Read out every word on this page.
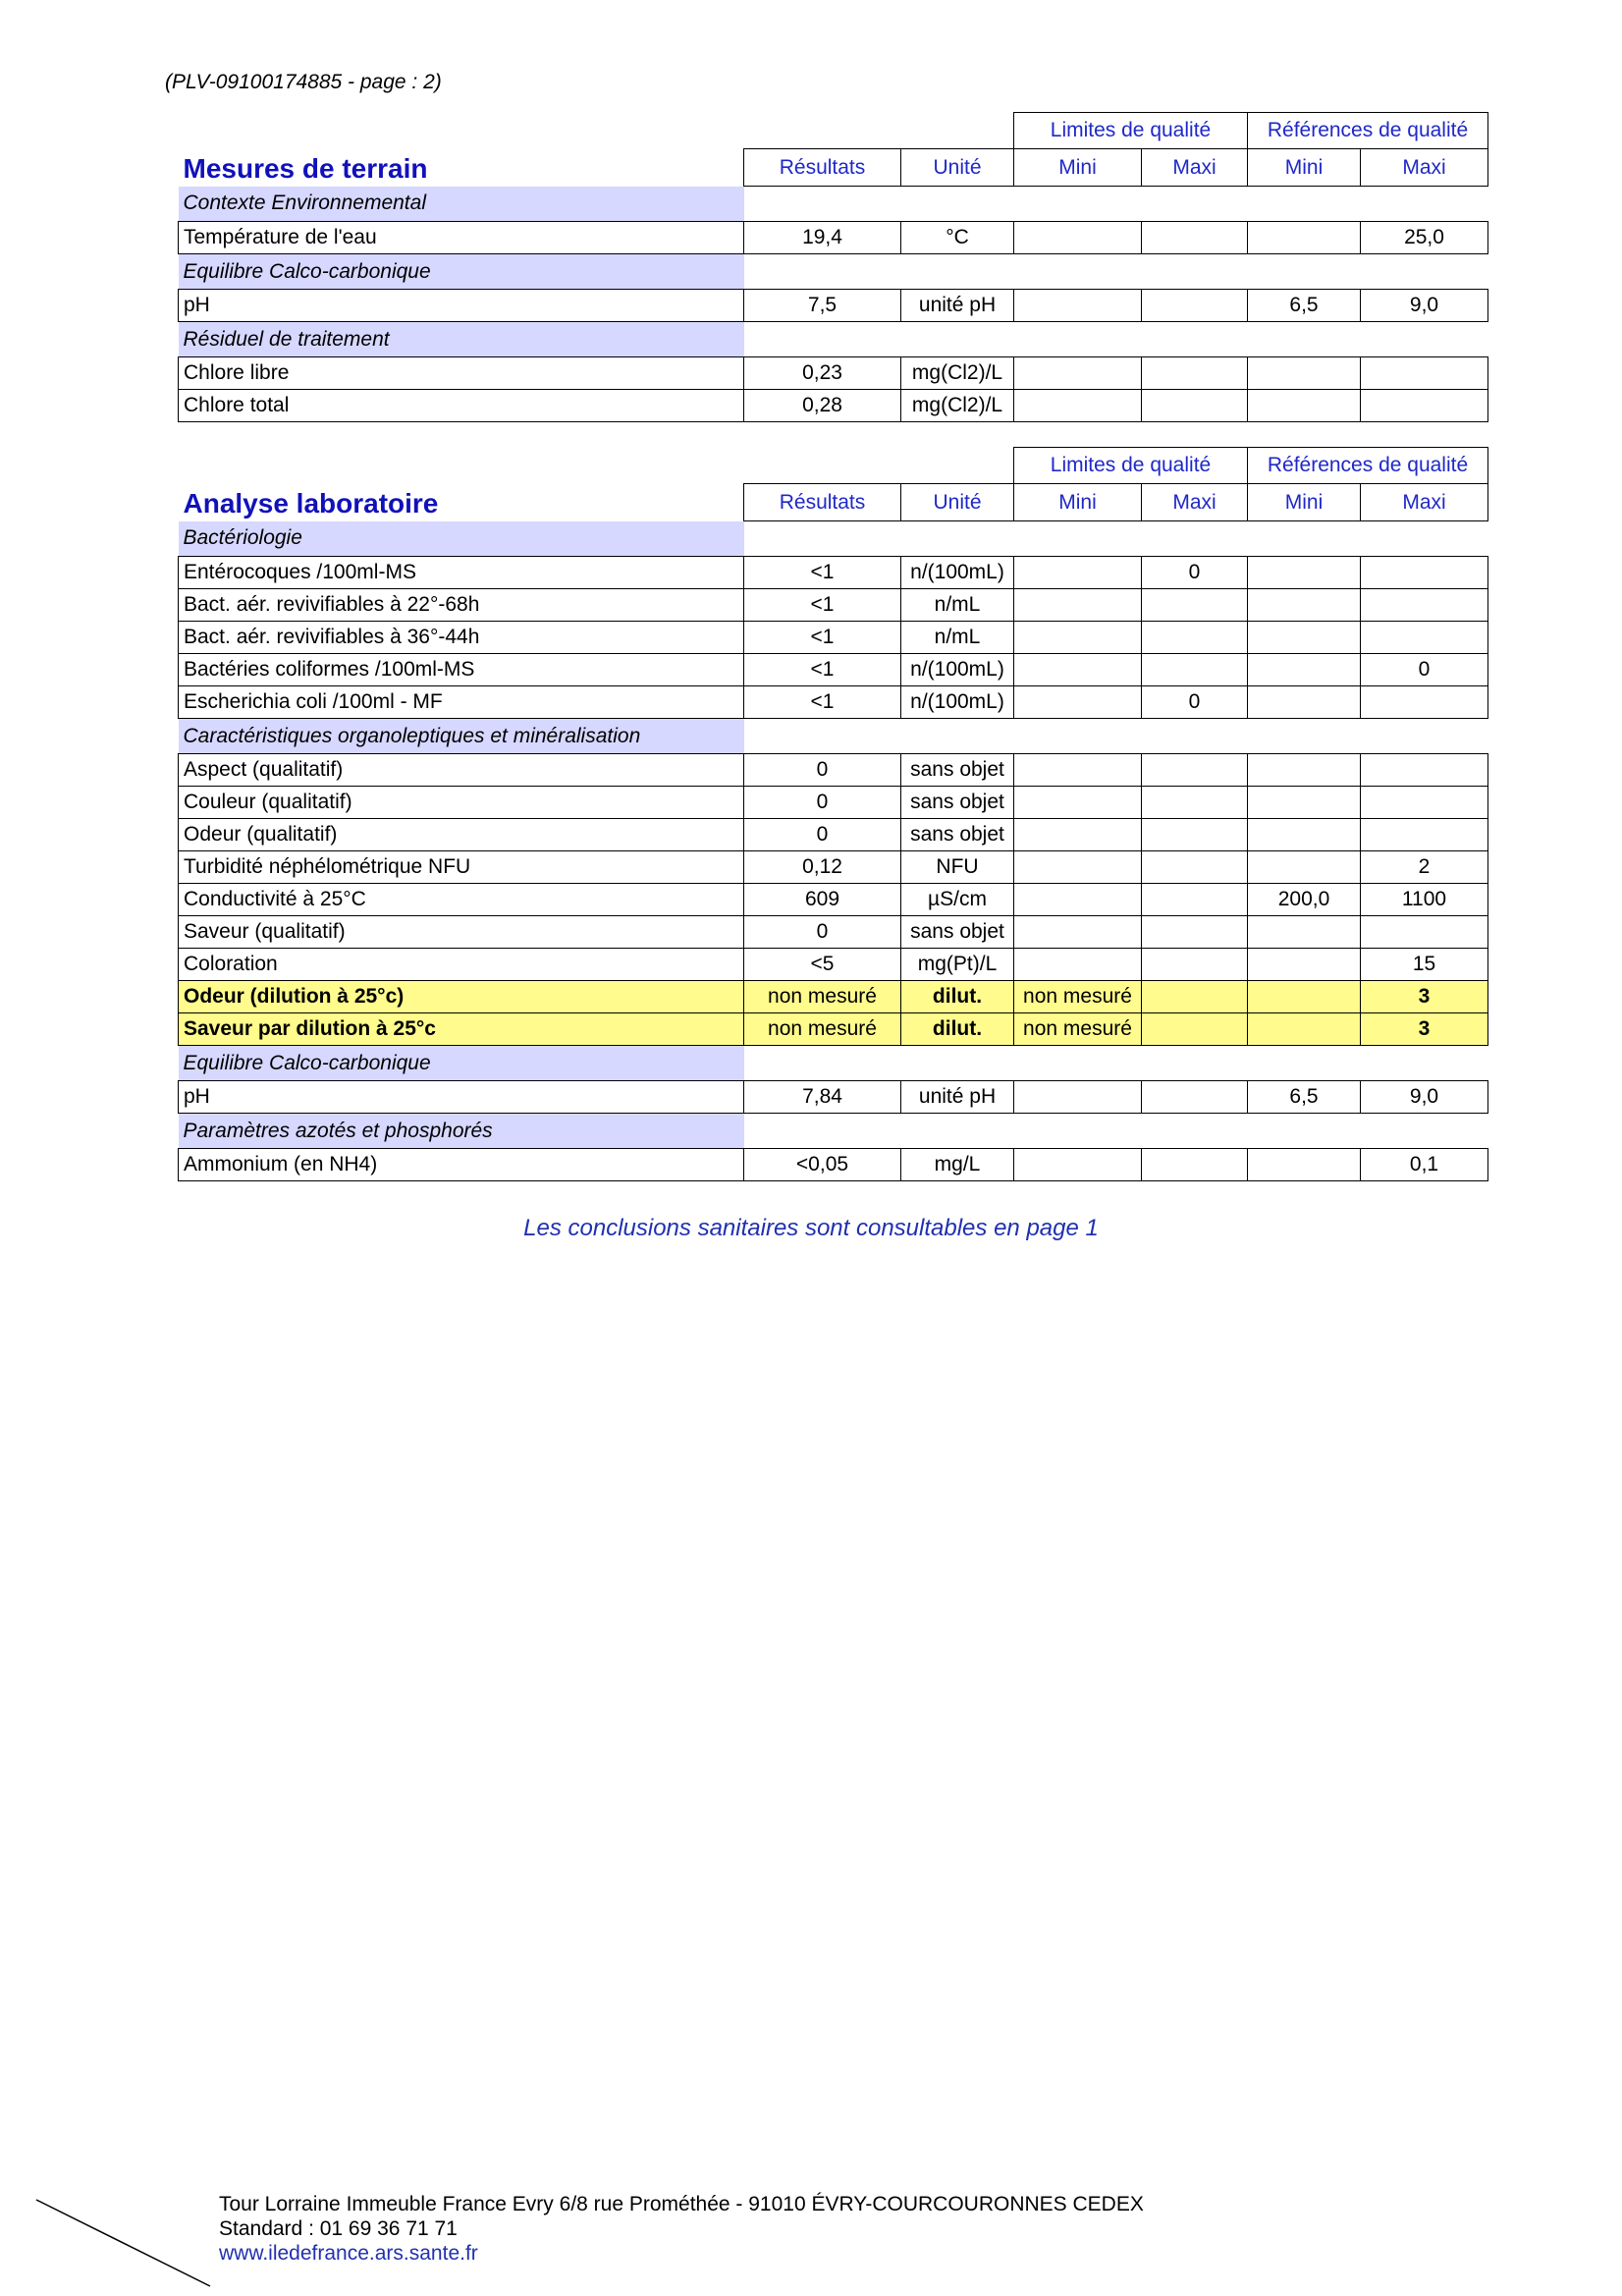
(PLV-09100174885 - page : 2)
			Limites de qualité		Références de qualité	
Mesures de terrain	Résultats	Unité	Mini	Maxi	Mini	Maxi
Contexte Environnemental						
Température de l'eau	19,4	°C				25,0
Equilibre Calco-carbonique						
pH	7,5	unité pH			6,5	9,0
Résiduel de traitement						
Chlore libre	0,23	mg(Cl2)/L				
Chlore total	0,28	mg(Cl2)/L				
			Limites de qualité		Références de qualité	
Analyse laboratoire	Résultats	Unité	Mini	Maxi	Mini	Maxi
Bactériologie						
Entérocoques /100ml-MS	<1	n/(100mL)		0		
Bact. aér. revivifiables à 22°-68h	<1	n/mL				
Bact. aér. revivifiables à 36°-44h	<1	n/mL				
Bactéries coliformes /100ml-MS	<1	n/(100mL)				0
Escherichia coli /100ml - MF	<1	n/(100mL)		0		
Caractéristiques organoleptiques et minéralisation						
Aspect (qualitatif)	0	sans objet				
Couleur (qualitatif)	0	sans objet				
Odeur (qualitatif)	0	sans objet				
Turbidité néphélométrique NFU	0,12	NFU				2
Conductivité à 25°C	609	µS/cm			200,0	1100
Saveur (qualitatif)	0	sans objet				
Coloration	<5	mg(Pt)/L				15
Odeur (dilution à 25°c)	non mesuré	dilut.	non mesuré			3
Saveur par dilution à 25°c	non mesuré	dilut.	non mesuré			3
Equilibre Calco-carbonique						
pH	7,84	unité pH			6,5	9,0
Paramètres azotés et phosphorés						
Ammonium (en NH4)	<0,05	mg/L				0,1
Les conclusions sanitaires sont consultables en page 1
Tour Lorraine Immeuble France Evry 6/8 rue Prométhée - 91010 ÉVRY-COURCOURONNES CEDEX
Standard : 01 69 36 71 71
www.iledefrance.ars.sante.fr
